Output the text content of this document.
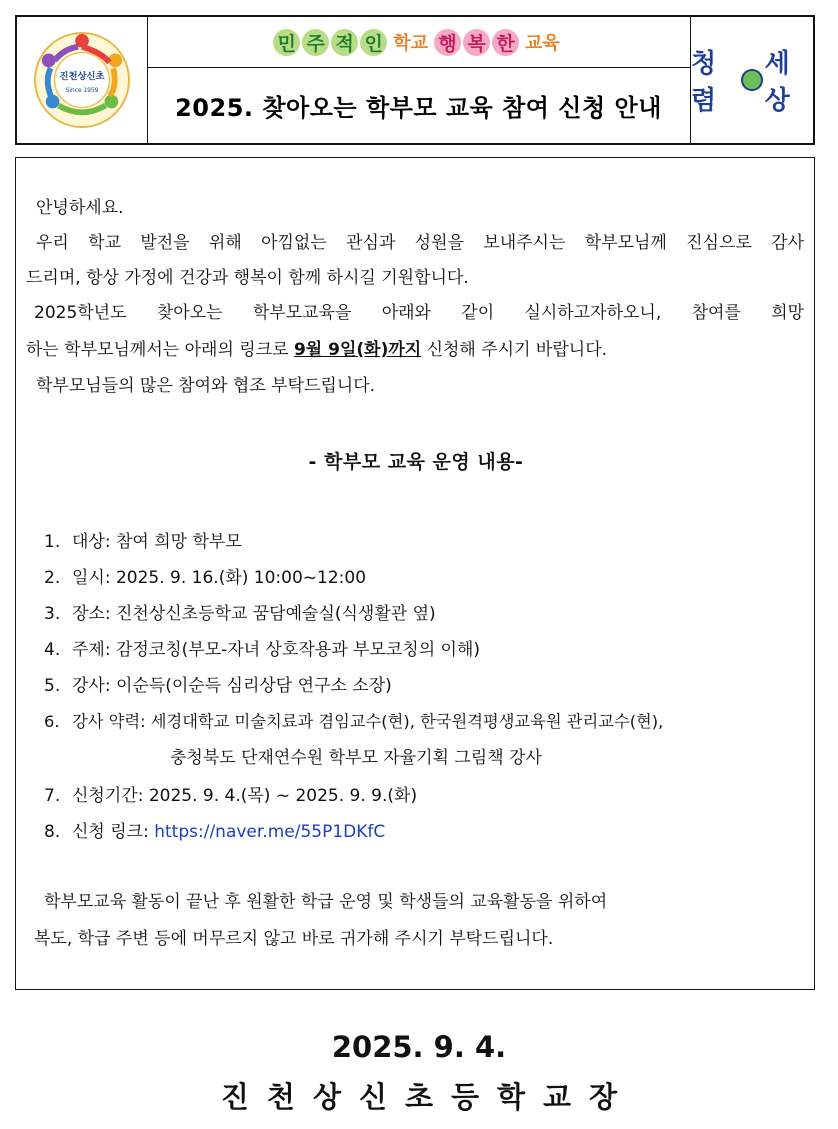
진천상신초
Since 1959
민 주 적 인 학교 행 복 한 교육
2025. 찾아오는 학부모 교육 참여 신청 안내
청렴
세상
안녕하세요.
우리 학교 발전을 위해 아낌없는 관심과 성원을 보내주시는 학부모님께 진심으로 감사
드리며, 항상 가정에 건강과 행복이 함께 하시길 기원합니다.
2025학년도 찾아오는 학부모교육을 아래와 같이 실시하고자하오니, 참여를 희망
하는 학부모님께서는 아래의 링크로 9월 9일(화)까지 신청해 주시기 바랍니다.
학부모님들의 많은 참여와 협조 부탁드립니다.
- 학부모 교육 운영 내용-
1. 대상: 참여 희망 학부모
2. 일시: 2025. 9. 16.(화) 10:00~12:00
3. 장소: 진천상신초등학교 꿈담예술실(식생활관 옆)
4. 주제: 감정코칭(부모-자녀 상호작용과 부모코칭의 이해)
5. 강사: 이순득(이순득 심리상담 연구소 소장)
6. 강사 약력: 세경대학교 미술치료과 겸임교수(현), 한국원격평생교육원 관리교수(현),
충청북도 단재연수원 학부모 자율기획 그림책 강사
7. 신청기간: 2025. 9. 4.(목) ~ 2025. 9. 9.(화)
8. 신청 링크: https://naver.me/55P1DKfC
학부모교육 활동이 끝난 후 원활한 학급 운영 및 학생들의 교육활동을 위하여
복도, 학급 주변 등에 머무르지 않고 바로 귀가해 주시기 부탁드립니다.
2025. 9. 4.
진천상신초등학교장
